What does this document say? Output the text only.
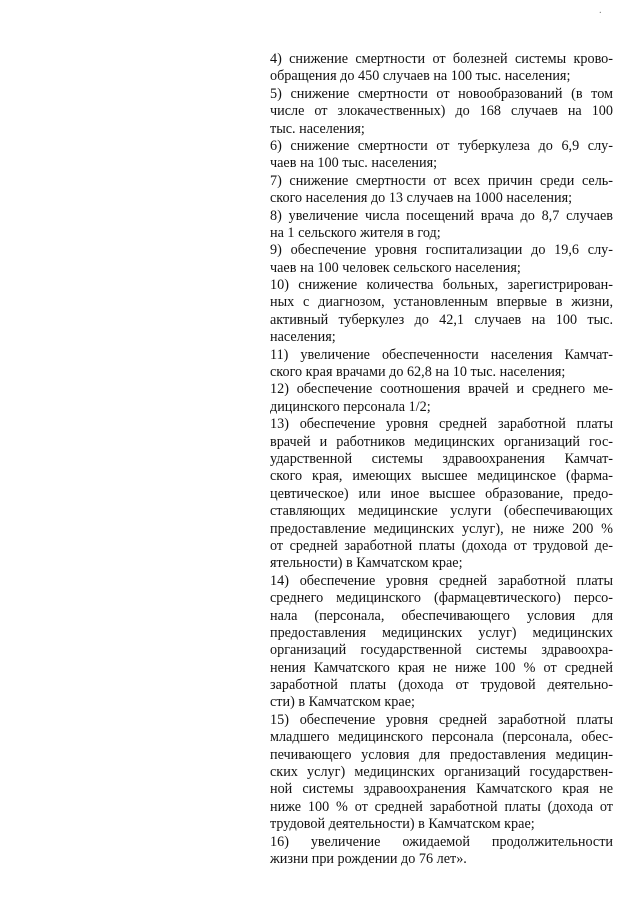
·
4) снижение смертности от болезней системы крово-
обращения до 450 случаев на 100 тыс. населения;
5) снижение смертности от новообразований (в том
числе от злокачественных) до 168 случаев на 100
тыс. населения;
6) снижение смертности от туберкулеза до 6,9 слу-
чаев на 100 тыс. населения;
7) снижение смертности от всех причин среди сель-
ского населения до 13 случаев на 1000 населения;
8) увеличение числа посещений врача до 8,7 случаев
на 1 сельского жителя в год;
9) обеспечение уровня госпитализации до 19,6 слу-
чаев на 100 человек сельского населения;
10) снижение количества больных, зарегистрирован-
ных с диагнозом, установленным впервые в жизни,
активный туберкулез до 42,1 случаев на 100 тыс.
населения;
11) увеличение обеспеченности населения Камчат-
ского края врачами до 62,8 на 10 тыс. населения;
12) обеспечение соотношения врачей и среднего ме-
дицинского персонала 1/2;
13) обеспечение уровня средней заработной платы
врачей и работников медицинских организаций гос-
ударственной системы здравоохранения Камчат-
ского края, имеющих высшее медицинское (фарма-
цевтическое) или иное высшее образование, предо-
ставляющих медицинские услуги (обеспечивающих
предоставление медицинских услуг), не ниже 200 %
от средней заработной платы (дохода от трудовой де-
ятельности) в Камчатском крае;
14) обеспечение уровня средней заработной платы
среднего медицинского (фармацевтического) персо-
нала (персонала, обеспечивающего условия для
предоставления медицинских услуг) медицинских
организаций государственной системы здравоохра-
нения Камчатского края не ниже 100 % от средней
заработной платы (дохода от трудовой деятельно-
сти) в Камчатском крае;
15) обеспечение уровня средней заработной платы
младшего медицинского персонала (персонала, обес-
печивающего условия для предоставления медицин-
ских услуг) медицинских организаций государствен-
ной системы здравоохранения Камчатского края не
ниже 100 % от средней заработной платы (дохода от
трудовой деятельности) в Камчатском крае;
16) увеличение ожидаемой продолжительности
жизни при рождении до 76 лет».
